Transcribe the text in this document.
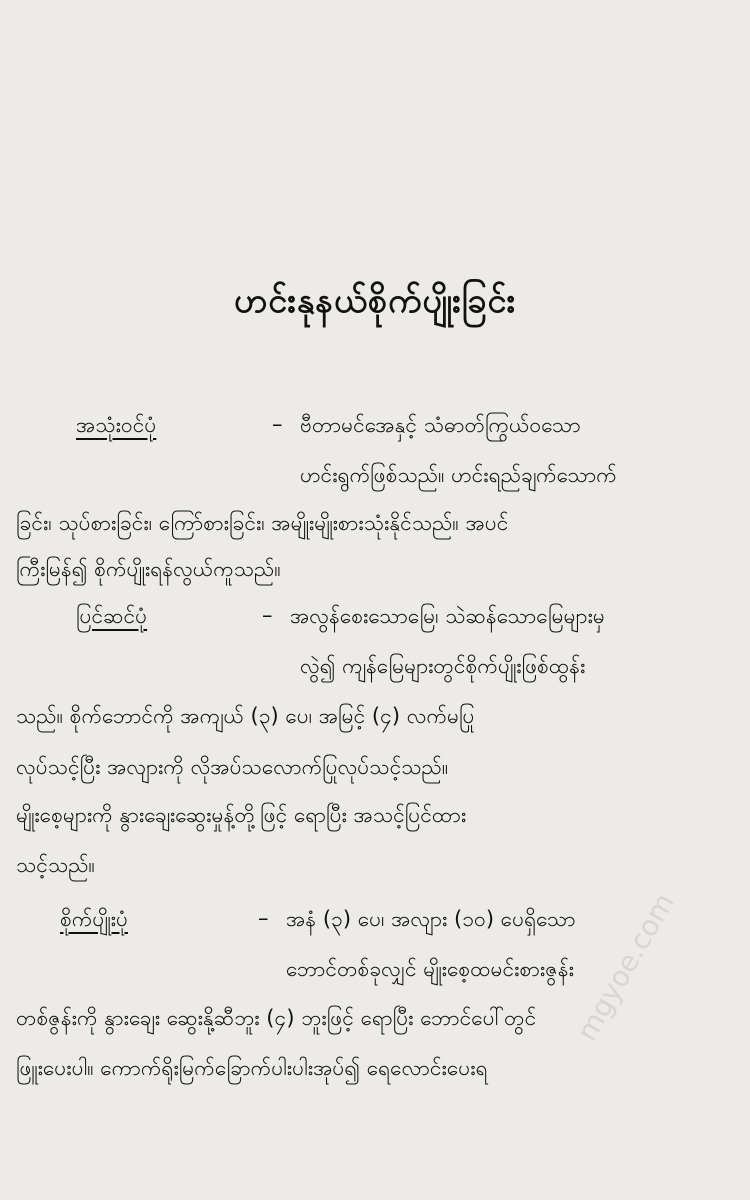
ဟင်းနုနယ်စိုက်ပျိုးခြင်း
အသုံးဝင်ပုံ	– ဗီတာမင်အေနှင့် သံဓာတ်ကြွယ်ဝသော
ဟင်းရွက်ဖြစ်သည်။ ဟင်းရည်ချက်သောက်
ခြင်း၊ သုပ်စားခြင်း၊ ကြော်စားခြင်း၊ အမျိုးမျိုးစားသုံးနိုင်သည်။ အပင်
ကြီးမြန်၍ စိုက်ပျိုးရန်လွယ်ကူသည်။
ပြင်ဆင်ပုံ	– အလွန်စေးသောမြေ၊ သဲဆန်သောမြေများမှ
လွဲ၍ ကျန်မြေများတွင်စိုက်ပျိုးဖြစ်ထွန်း
သည်။ စိုက်ဘောင်ကို အကျယ် (၃) ပေ၊ အမြင့် (၄) လက်မပြု
လုပ်သင့်ပြီး အလျားကို လိုအပ်သလောက်ပြုလုပ်သင့်သည်။
မျိုးစေ့များကို နွားချေးဆွေးမှုန့်တို့ဖြင့် ရောပြီး အသင့်ပြင်ထား
သင့်သည်။
စိုက်ပျိုးပုံ	– အနံ (၃) ပေ၊ အလျား (၁၀) ပေရှိသော
ဘောင်တစ်ခုလျှင် မျိုးစေ့ထမင်းစားဇွန်း
တစ်ဇွန်းကို နွားချေး ဆွေးနို့ဆီဘူး (၄) ဘူးဖြင့် ရောပြီး ဘောင်ပေါ်တွင်
ဖြူးပေးပါ။ ကောက်ရိုးမြက်ခြောက်ပါးပါးအုပ်၍ ရေလောင်းပေးရ
mgyoe.com
